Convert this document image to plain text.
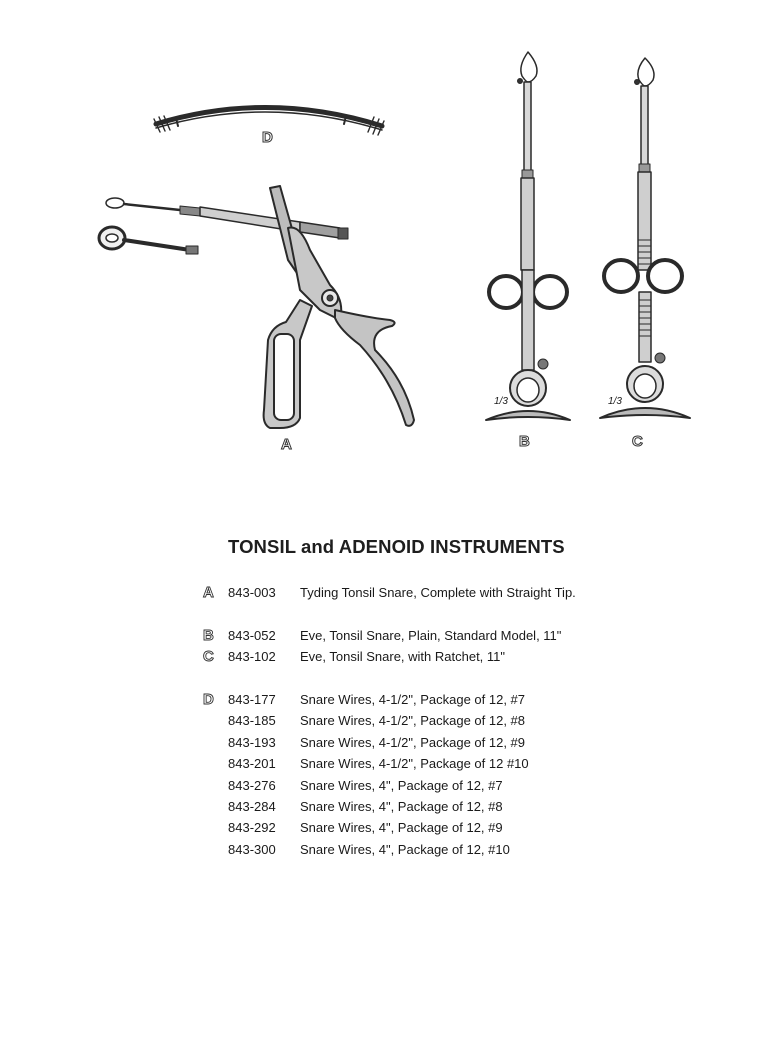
D
A	B	C
1/3	1/3
TONSIL and ADENOID INSTRUMENTS
A	843-003 Tyding Tonsil Snare, Complete with Straight Tip.
B	843-052 Eve, Tonsil Snare, Plain, Standard Model, 11"
C	843-102 Eve, Tonsil Snare, with Ratchet, 11"
D	843-177 Snare Wires, 4-1/2", Package of 12, #7
843-185 Snare Wires, 4-1/2", Package of 12, #8
843-193 Snare Wires, 4-1/2", Package of 12, #9
843-201 Snare Wires, 4-1/2", Package of 12 #10
843-276 Snare Wires, 4", Package of 12, #7
843-284 Snare Wires, 4", Package of 12, #8
843-292 Snare Wires, 4", Package of 12, #9
843-300 Snare Wires, 4", Package of 12, #10
